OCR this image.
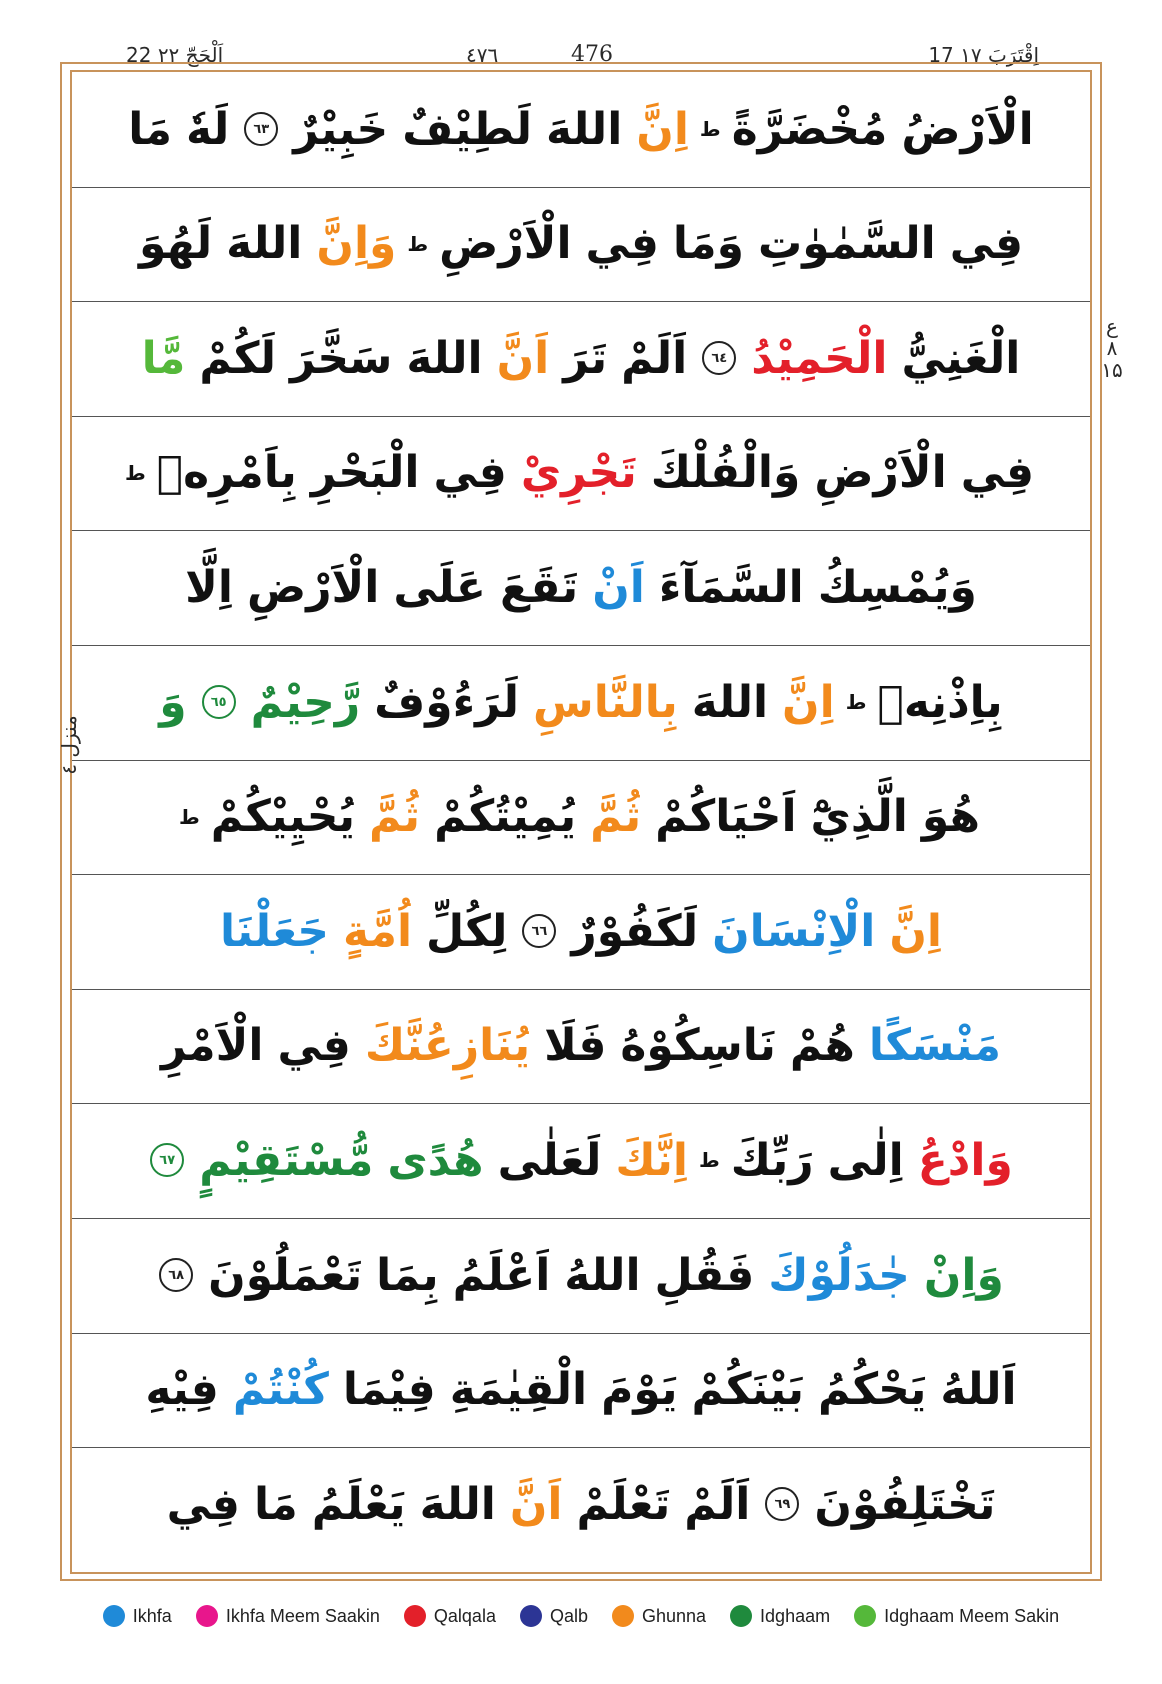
17 اِقْتَرَبَ ١٧
٤٧٦	476
22 اَلْحَجّ ٢٢
الْاَرْضُ
مُخْضَرَّةً
ط
اِنَّ
اللهَ
لَطِيْفٌ
خَبِيْرٌ
٦٣
لَهٗ
مَا
فِي
السَّمٰوٰتِ
وَمَا
فِي
الْاَرْضِ
ط
وَاِنَّ
اللهَ
لَهُوَ
الْغَنِيُّ
الْحَمِيْدُ
٦٤
اَلَمْ
تَرَ
اَنَّ
اللهَ
سَخَّرَ
لَكُمْ
مَّا
فِي
الْاَرْضِ
وَالْفُلْكَ
تَجْرِيْ
فِي
الْبَحْرِ
بِاَمْرِهٖ
ط
وَيُمْسِكُ
السَّمَآءَ
اَنْ
تَقَعَ
عَلَى
الْاَرْضِ
اِلَّا
بِاِذْنِهٖ
ط
اِنَّ
اللهَ
بِالنَّاسِ
لَرَءُوْفٌ
رَّحِيْمٌ
٦٥
وَ
هُوَ
الَّذِيْٓ
اَحْيَاكُمْ
ثُمَّ
يُمِيْتُكُمْ
ثُمَّ
يُحْيِيْكُمْ
ط
اِنَّ
الْاِنْسَانَ
لَكَفُوْرٌ
٦٦
لِكُلِّ
اُمَّةٍ
جَعَلْنَا
مَنْسَكًا
هُمْ
نَاسِكُوْهُ
فَلَا
يُنَازِعُنَّكَ
فِي
الْاَمْرِ
وَادْعُ
اِلٰى
رَبِّكَ
ط
اِنَّكَ
لَعَلٰى
هُدًى
مُّسْتَقِيْمٍ
٦٧
وَاِنْ
جٰدَلُوْكَ
فَقُلِ
اللهُ
اَعْلَمُ
بِمَا
تَعْمَلُوْنَ
٦٨
اَللهُ
يَحْكُمُ
بَيْنَكُمْ
يَوْمَ
الْقِيٰمَةِ
فِيْمَا
كُنْتُمْ
فِيْهِ
تَخْتَلِفُوْنَ
٦٩
اَلَمْ
تَعْلَمْ
اَنَّ
اللهَ
يَعْلَمُ
مَا
فِي
ع ۸ ۱۵
منزل ٤
Ikhfa	Ikhfa Meem Saakin	Qalqala	Qalb	Ghunna	Idghaam	Idghaam Meem Sakin
